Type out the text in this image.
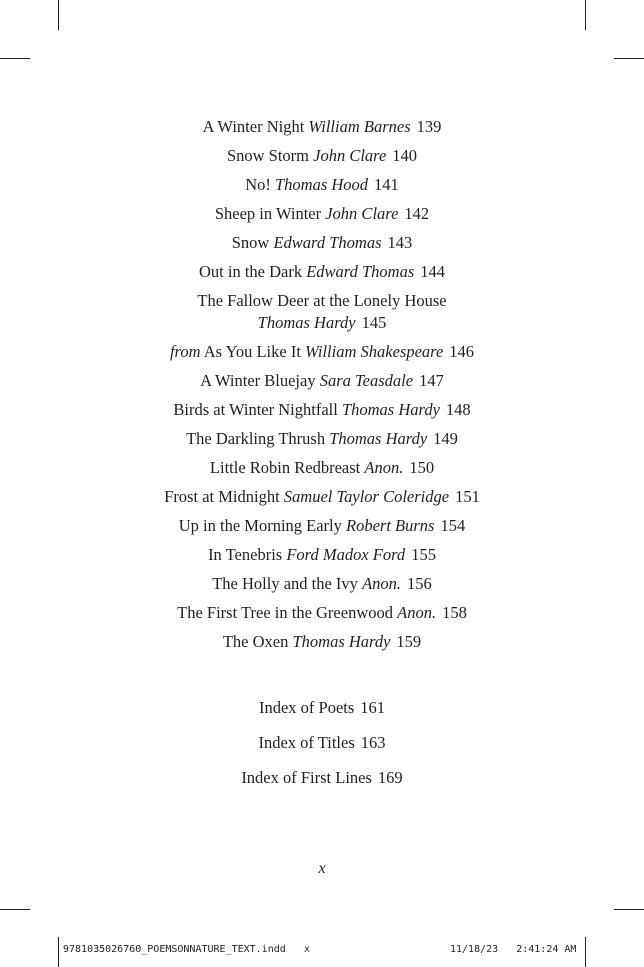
A Winter Night William Barnes 139
Snow Storm John Clare 140
No! Thomas Hood 141
Sheep in Winter John Clare 142
Snow Edward Thomas 143
Out in the Dark Edward Thomas 144
The Fallow Deer at the Lonely House
Thomas Hardy 145
from As You Like It William Shakespeare 146
A Winter Bluejay Sara Teasdale 147
Birds at Winter Nightfall Thomas Hardy 148
The Darkling Thrush Thomas Hardy 149
Little Robin Redbreast Anon. 150
Frost at Midnight Samuel Taylor Coleridge 151
Up in the Morning Early Robert Burns 154
In Tenebris Ford Madox Ford 155
The Holly and the Ivy Anon. 156
The First Tree in the Greenwood Anon. 158
The Oxen Thomas Hardy 159
Index of Poets 161
Index of Titles 163
Index of First Lines 169
x
9781035026760_POEMSONNATURE_TEXT.indd   x	11/18/23   2:41:24 AM
